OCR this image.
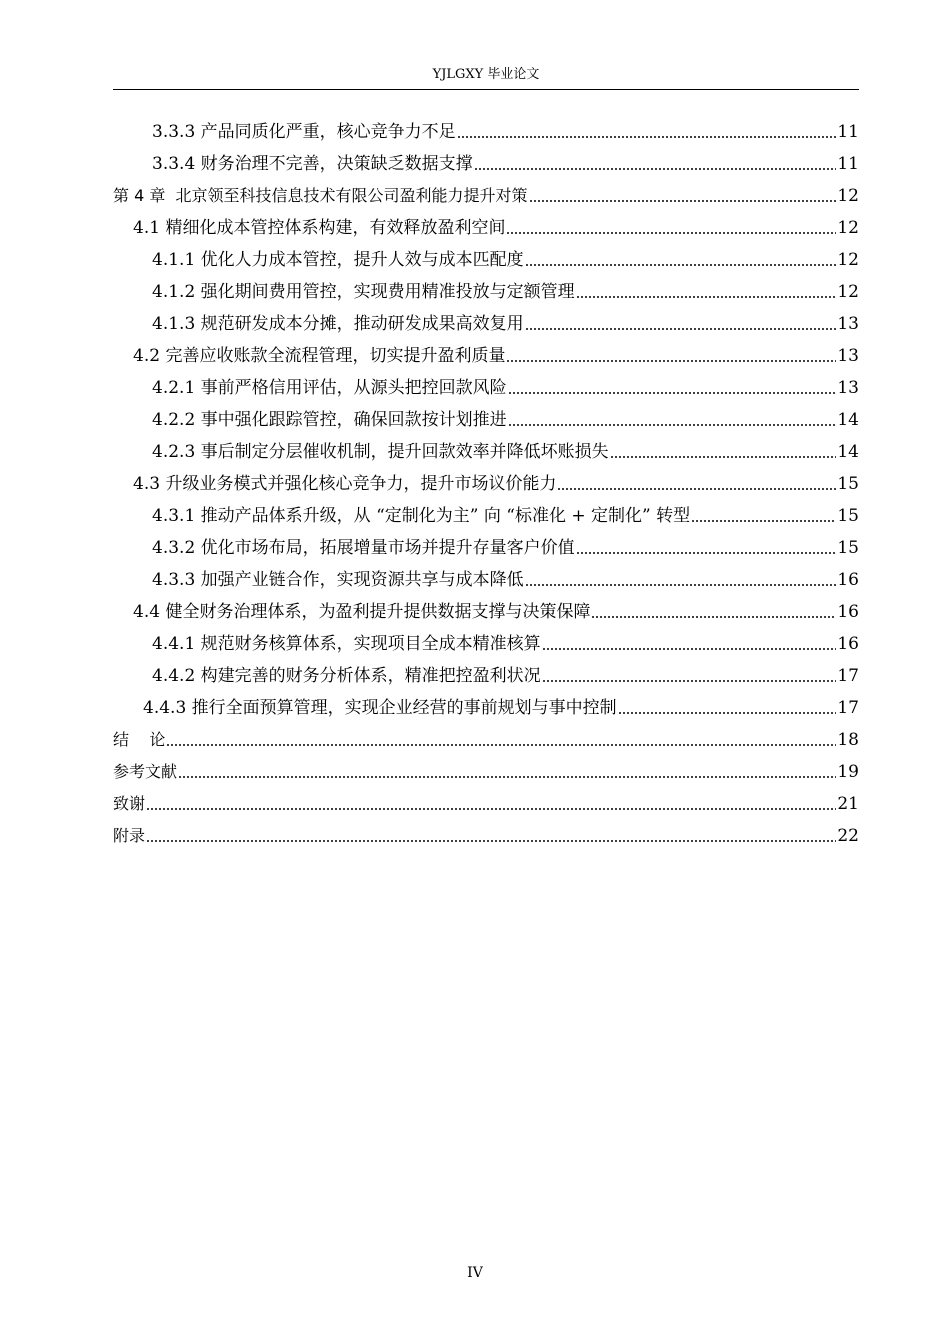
YJLGXY 毕业论文
3.3.3 产品同质化严重，核心竞争力不足	11
3.3.4 财务治理不完善，决策缺乏数据支撑	11
第 4 章  北京领至科技信息技术有限公司盈利能力提升对策	12
4.1 精细化成本管控体系构建，有效释放盈利空间	12
4.1.1 优化人力成本管控，提升人效与成本匹配度	12
4.1.2 强化期间费用管控，实现费用精准投放与定额管理	12
4.1.3 规范研发成本分摊，推动研发成果高效复用	13
4.2 完善应收账款全流程管理，切实提升盈利质量	13
4.2.1 事前严格信用评估，从源头把控回款风险	13
4.2.2 事中强化跟踪管控，确保回款按计划推进	14
4.2.3 事后制定分层催收机制，提升回款效率并降低坏账损失	14
4.3 升级业务模式并强化核心竞争力，提升市场议价能力	15
4.3.1 推动产品体系升级，从 “定制化为主” 向 “标准化 + 定制化” 转型	15
4.3.2 优化市场布局，拓展增量市场并提升存量客户价值	15
4.3.3 加强产业链合作，实现资源共享与成本降低	16
4.4 健全财务治理体系，为盈利提升提供数据支撑与决策保障	16
4.4.1 规范财务核算体系，实现项目全成本精准核算	16
4.4.2 构建完善的财务分析体系，精准把控盈利状况	17
4.4.3 推行全面预算管理，实现企业经营的事前规划与事中控制	17
结    论	18
参考文献	19
致谢	21
附录	22
IV
